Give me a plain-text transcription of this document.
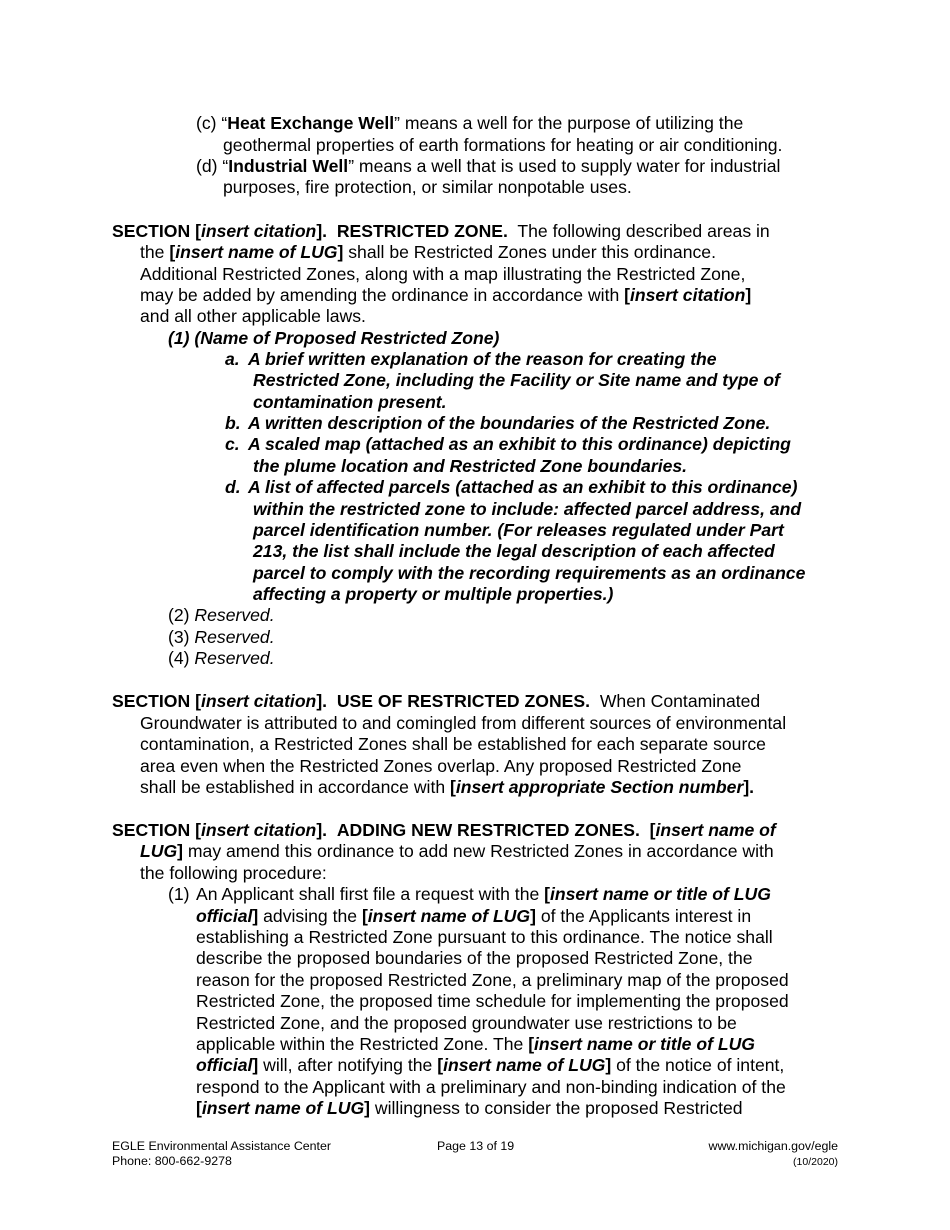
(c) “Heat Exchange Well” means a well for the purpose of utilizing the
geothermal properties of earth formations for heating or air conditioning.
(d) “Industrial Well” means a well that is used to supply water for industrial
purposes, fire protection, or similar nonpotable uses.
SECTION [insert citation]. RESTRICTED ZONE. The following described areas in
the [insert name of LUG] shall be Restricted Zones under this ordinance.
Additional Restricted Zones, along with a map illustrating the Restricted Zone,
may be added by amending the ordinance in accordance with [insert citation]
and all other applicable laws.
(1) (Name of Proposed Restricted Zone)
a. A brief written explanation of the reason for creating the
Restricted Zone, including the Facility or Site name and type of
contamination present.
b. A written description of the boundaries of the Restricted Zone.
c. A scaled map (attached as an exhibit to this ordinance) depicting
the plume location and Restricted Zone boundaries.
d. A list of affected parcels (attached as an exhibit to this ordinance)
within the restricted zone to include: affected parcel address, and
parcel identification number. (For releases regulated under Part
213, the list shall include the legal description of each affected
parcel to comply with the recording requirements as an ordinance
affecting a property or multiple properties.)
(2) Reserved.
(3) Reserved.
(4) Reserved.
SECTION [insert citation]. USE OF RESTRICTED ZONES. When Contaminated
Groundwater is attributed to and comingled from different sources of environmental
contamination, a Restricted Zones shall be established for each separate source
area even when the Restricted Zones overlap. Any proposed Restricted Zone
shall be established in accordance with [insert appropriate Section number].
SECTION [insert citation]. ADDING NEW RESTRICTED ZONES. [insert name of
LUG] may amend this ordinance to add new Restricted Zones in accordance with
the following procedure:
(1) An Applicant shall first file a request with the [insert name or title of LUG
official] advising the [insert name of LUG] of the Applicants interest in
establishing a Restricted Zone pursuant to this ordinance. The notice shall
describe the proposed boundaries of the proposed Restricted Zone, the
reason for the proposed Restricted Zone, a preliminary map of the proposed
Restricted Zone, the proposed time schedule for implementing the proposed
Restricted Zone, and the proposed groundwater use restrictions to be
applicable within the Restricted Zone. The [insert name or title of LUG
official] will, after notifying the [insert name of LUG] of the notice of intent,
respond to the Applicant with a preliminary and non-binding indication of the
[insert name of LUG] willingness to consider the proposed Restricted
EGLE Environmental Assistance Center
Phone: 800-662-9278
Page 13 of 19	www.michigan.gov/egle
(10/2020)
